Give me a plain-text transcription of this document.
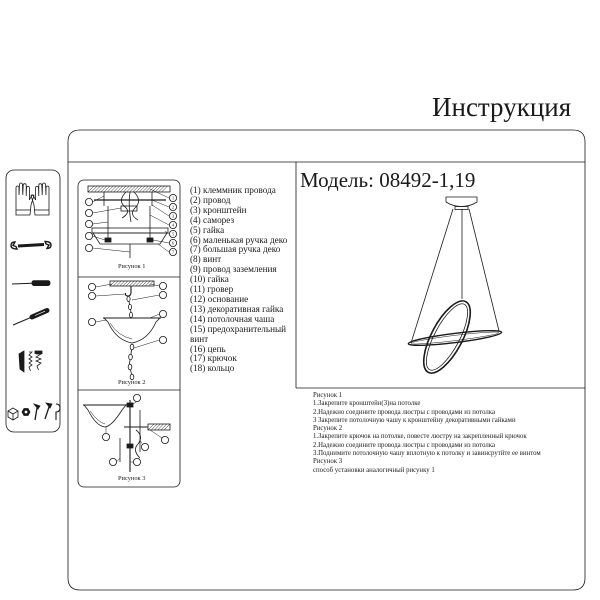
1
2
3
4
5
6
7
Рисунок 1
Рисунок 2
Рисунок 3
Инструкция
Модель: 08492-1,19
(1) клеммник провода
(2) провод
(3) кронштейн
(4) саморез
(5) гайка
(6) маленькая ручка деко
(7) большая ручка деко
(8) винт
(9) провод заземления
(10) гайка
(11) гровер
(12) основание
(13) декоративная гайка
(14) потолочная чаша
(15) предохранительный
винт
(16) цепь
(17) крючок
(18) кольцо
Рисунок 1
1.Закрепите кронштейн(3)на потолке
2.Надежно соедините провода люстры с проводами из потолка
3 Закрепите потолочную чашу к кронштейну декоративными гайками
Рисунок 2
1.Закрепите крючок на потолке, повесте люстру на закрепленный крючок
2.Надежно соедините провода люстры с проводами из потолка
3.Поднимите потолочную чашу вплотную к потолку и завинсрутйте ее винтом
Рисунок 3
способ установки аналогичный рисунку 1
